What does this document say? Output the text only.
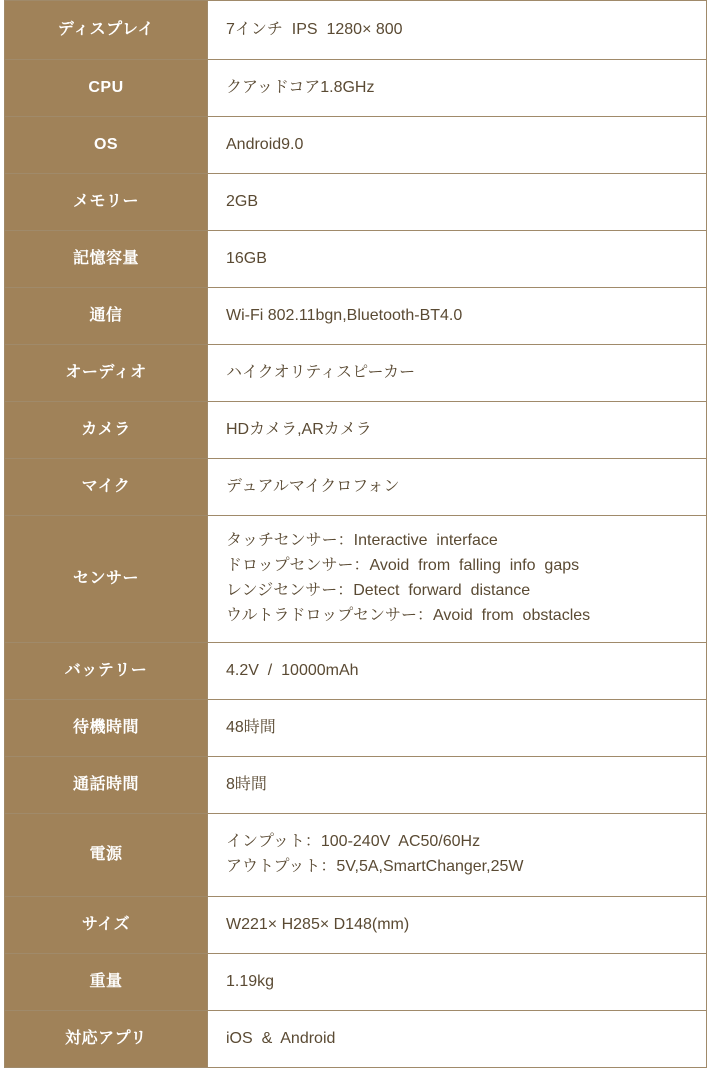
ディスプレイ	7インチ  IPS  1280× 800

CPU	クアッドコア1.8GHz

OS	Android9.0

メモリー	2GB

記憶容量	16GB

通信	Wi-Fi 802.11bgn,Bluetooth-BT4.0

オーディオ	ハイクオリティスピーカー

カメラ	HDカメラ,ARカメラ

マイク	デュアルマイクロフォン

センサー	タッチセンサー：Interactive  interface
ドロップセンサー：Avoid  from  falling  info  gaps
レンジセンサー：Detect  forward  distance
ウルトラドロップセンサー：Avoid  from  obstacles

バッテリー	4.2V  /  10000mAh

待機時間	48時間

通話時間	8時間

電源	インプット：100-240V  AC50/60Hz
アウトプット：5V,5A,SmartChanger,25W

サイズ	W221× H285× D148(mm)

重量	1.19kg

対応アプリ	iOS  &  Android
